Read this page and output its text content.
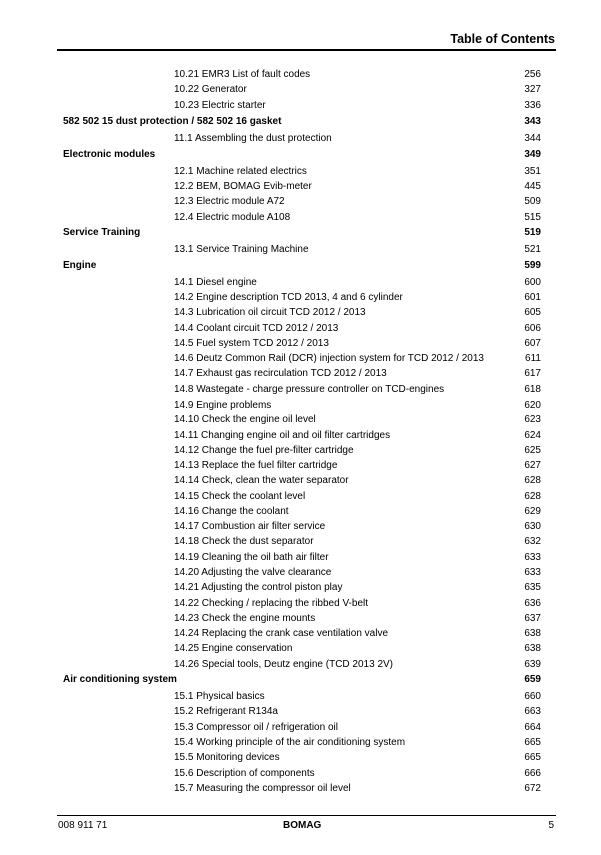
Table of Contents
10.21 EMR3 List of fault codes	256
10.22 Generator	327
10.23 Electric starter	336
582 502 15 dust protection / 582 502 16 gasket	343
11.1 Assembling the dust protection	344
Electronic modules	349
12.1 Machine related electrics	351
12.2 BEM, BOMAG Evib-meter	445
12.3 Electric module A72	509
12.4 Electric module A108	515
Service Training	519
13.1 Service Training Machine	521
Engine	599
14.1 Diesel engine	600
14.2 Engine description TCD 2013, 4 and 6 cylinder	601
14.3 Lubrication oil circuit TCD 2012 / 2013	605
14.4 Coolant circuit TCD 2012 / 2013	606
14.5 Fuel system TCD 2012 / 2013	607
14.6 Deutz Common Rail (DCR) injection system for TCD 2012 / 2013	611
14.7 Exhaust gas recirculation TCD 2012 / 2013	617
14.8 Wastegate - charge pressure controller on TCD-engines	618
14.9 Engine problems	620
14.10 Check the engine oil level	623
14.11 Changing engine oil and oil filter cartridges	624
14.12 Change the fuel pre-filter cartridge	625
14.13 Replace the fuel filter cartridge	627
14.14 Check, clean the water separator	628
14.15 Check the coolant level	628
14.16 Change the coolant	629
14.17 Combustion air filter service	630
14.18 Check the dust separator	632
14.19 Cleaning the oil bath air filter	633
14.20 Adjusting the valve clearance	633
14.21 Adjusting the control piston play	635
14.22 Checking / replacing the ribbed V-belt	636
14.23 Check the engine mounts	637
14.24 Replacing the crank case ventilation valve	638
14.25 Engine conservation	638
14.26 Special tools, Deutz engine (TCD 2013 2V)	639
Air conditioning system	659
15.1 Physical basics	660
15.2 Refrigerant R134a	663
15.3 Compressor oil / refrigeration oil	664
15.4 Working principle of the air conditioning system	665
15.5 Monitoring devices	665
15.6 Description of components	666
15.7 Measuring the compressor oil level	672
008 911 71	BOMAG	5
